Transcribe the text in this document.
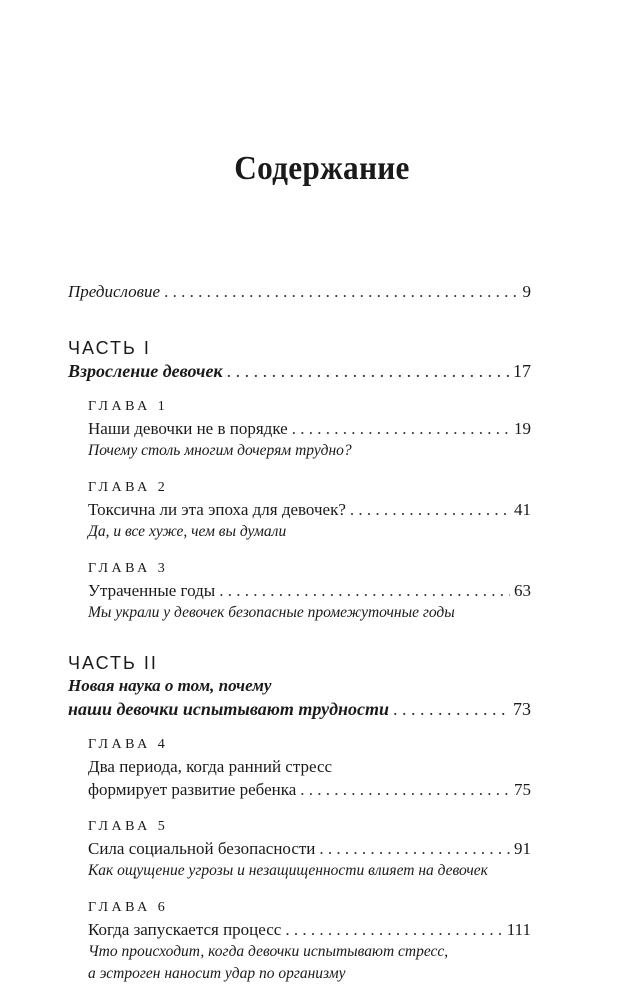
Содержание
Предисловие . . .	9
ЧАСТЬ I
Взросление девочек . . .	17
ГЛАВА 1
Наши девочки не в порядке . . .	19
Почему столь многим дочерям трудно?
ГЛАВА 2
Токсична ли эта эпоха для девочек? . . .	41
Да, и все хуже, чем вы думали
ГЛАВА 3
Утраченные годы . . .	63
Мы украли у девочек безопасные промежуточные годы
ЧАСТЬ II
Новая наука о том, почему
наши девочки испытывают трудности . . .	73
ГЛАВА 4
Два периода, когда ранний стресс
формирует развитие ребенка . . .	75
ГЛАВА 5
Сила социальной безопасности . . .	91
Как ощущение угрозы и незащищенности влияет на девочек
ГЛАВА 6
Когда запускается процесс . . .	111
Что происходит, когда девочки испытывают стресс,
а эстроген наносит удар по организму
